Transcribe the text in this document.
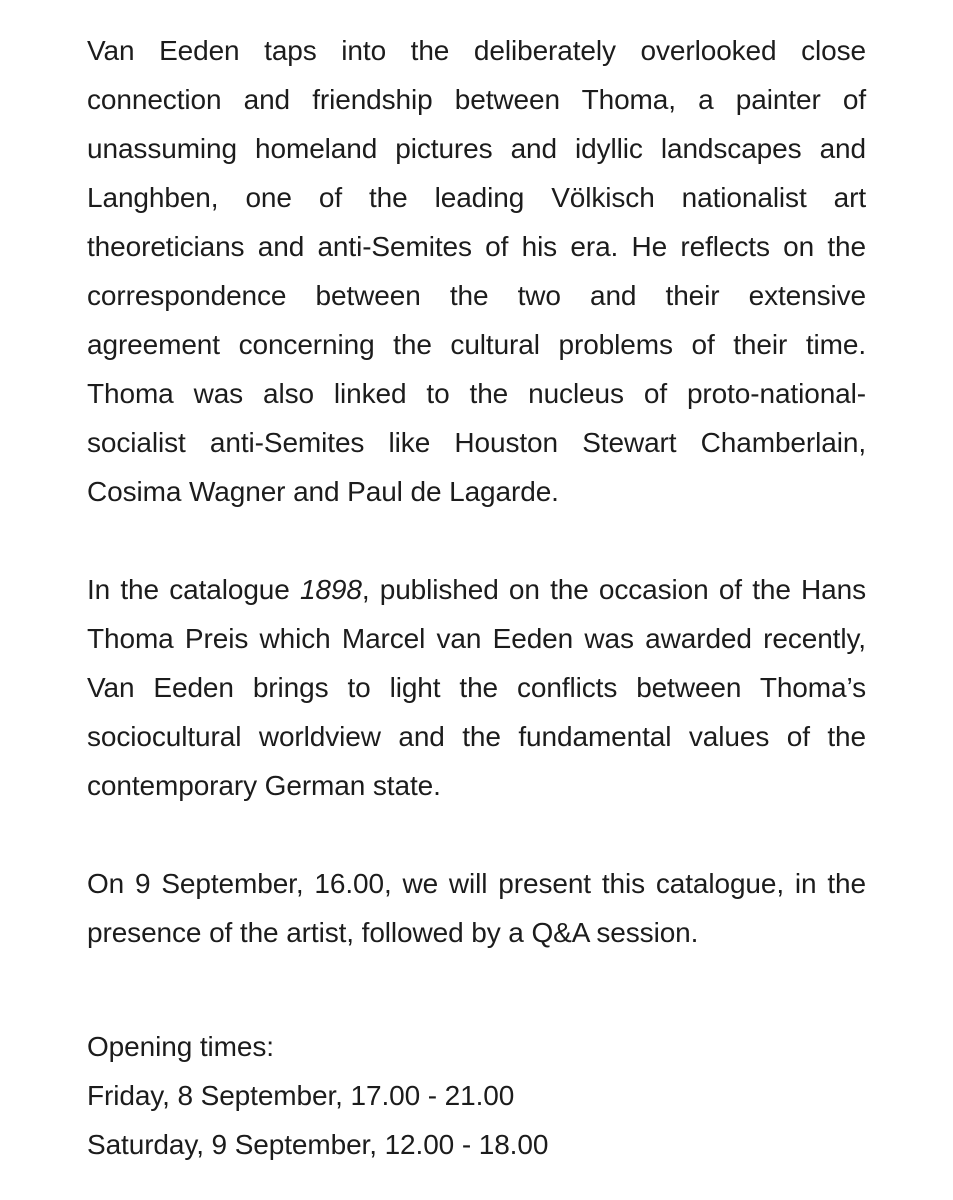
Van Eeden taps into the deliberately overlooked close connection and friendship between Thoma, a painter of unassuming homeland pictures and idyllic landscapes and Langhben, one of the leading Völkisch nationalist art theoreticians and anti-Semites of his era. He reflects on the correspondence between the two and their extensive agreement concerning the cultural problems of their time. Thoma was also linked to the nucleus of proto-national-socialist anti-Semites like Houston Stewart Chamberlain, Cosima Wagner and Paul de Lagarde.

In the catalogue 1898, published on the occasion of the Hans Thoma Preis which Marcel van Eeden was awarded recently, Van Eeden brings to light the conflicts between Thoma’s sociocultural worldview and the fundamental values of the contemporary German state.

On 9 September, 16.00, we will present this catalogue, in the presence of the artist, followed by a Q&A session.

Opening times:
Friday, 8 September, 17.00 - 21.00
Saturday, 9 September, 12.00 - 18.00
